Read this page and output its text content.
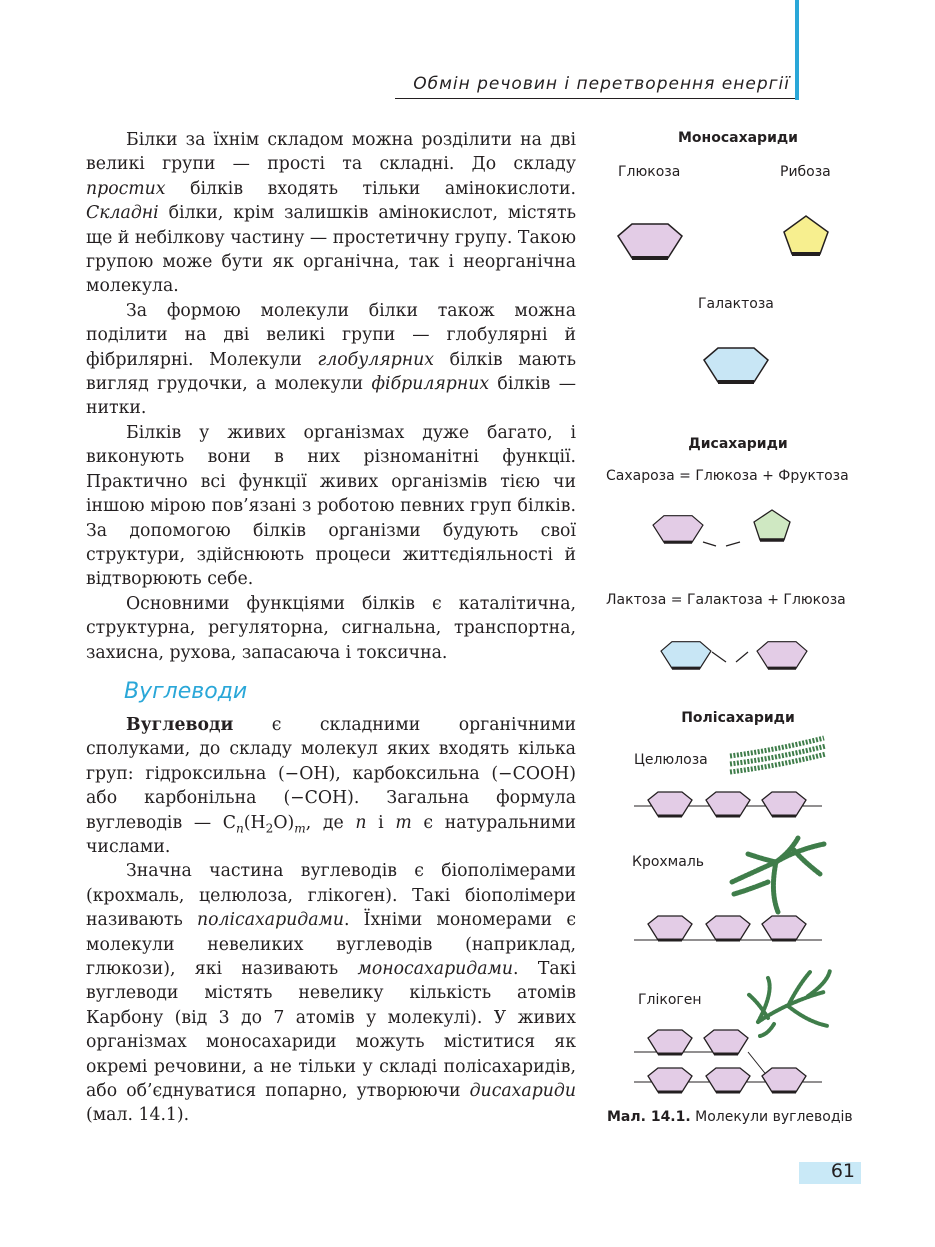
Обмін речовин і перетворення енергії

Білки за їхнім складом можна розділити на дві великі групи — прості та складні. До складу простих білків входять тільки амінокислоти. Складні білки, крім залишків амінокислот, містять ще й небілкову частину — простетичну групу. Такою групою може бути як органічна, так і неорганічна молекула.

За формою молекули білки також можна поділити на дві великі групи — глобулярні й фібрилярні. Молекули глобулярних білків мають вигляд грудочки, а молекули фібрилярних білків — нитки.

Білків у живих організмах дуже багато, і виконують вони в них різноманітні функції. Практично всі функції живих організмів тією чи іншою мірою пов’язані з роботою певних груп білків. За допомогою білків організми будують свої структури, здійснюють процеси життєдіяльності й відтворюють себе.

Основними функціями білків є каталітична, структурна, регуляторна, сигнальна, транспортна, захисна, рухова, запасаюча і токсична.

Вуглеводи

Вуглеводи є складними органічними сполуками, до складу молекул яких входять кілька груп: гідроксильна (−OH), карбоксильна (−COOH) або карбонільна (−COH). Загальна формула вуглеводів — $C_n(H_2O)_m$, де n і m є натуральними числами.

Значна частина вуглеводів є біополімерами (крохмаль, целюлоза, глікоген). Такі біополімери називають полісахаридами. Їхніми мономерами є молекули невеликих вуглеводів (наприклад, глюкози), які називають моносахаридами. Такі вуглеводи містять невелику кількість атомів Карбону (від 3 до 7 атомів у молекулі). У живих організмах моносахариди можуть міститися як окремі речовини, а не тільки у складі полісахаридів, або об’єднуватися попарно, утворюючи дисахариди (мал. 14.1).

Моносахариди
Глюкоза	Рибоза
Галактоза
Дисахариди
Сахароза = Глюкоза + Фруктоза
Лактоза = Галактоза + Глюкоза
Полісахариди
Целюлоза
Крохмаль
Глікоген
Мал. 14.1. Молекули вуглеводів
61
